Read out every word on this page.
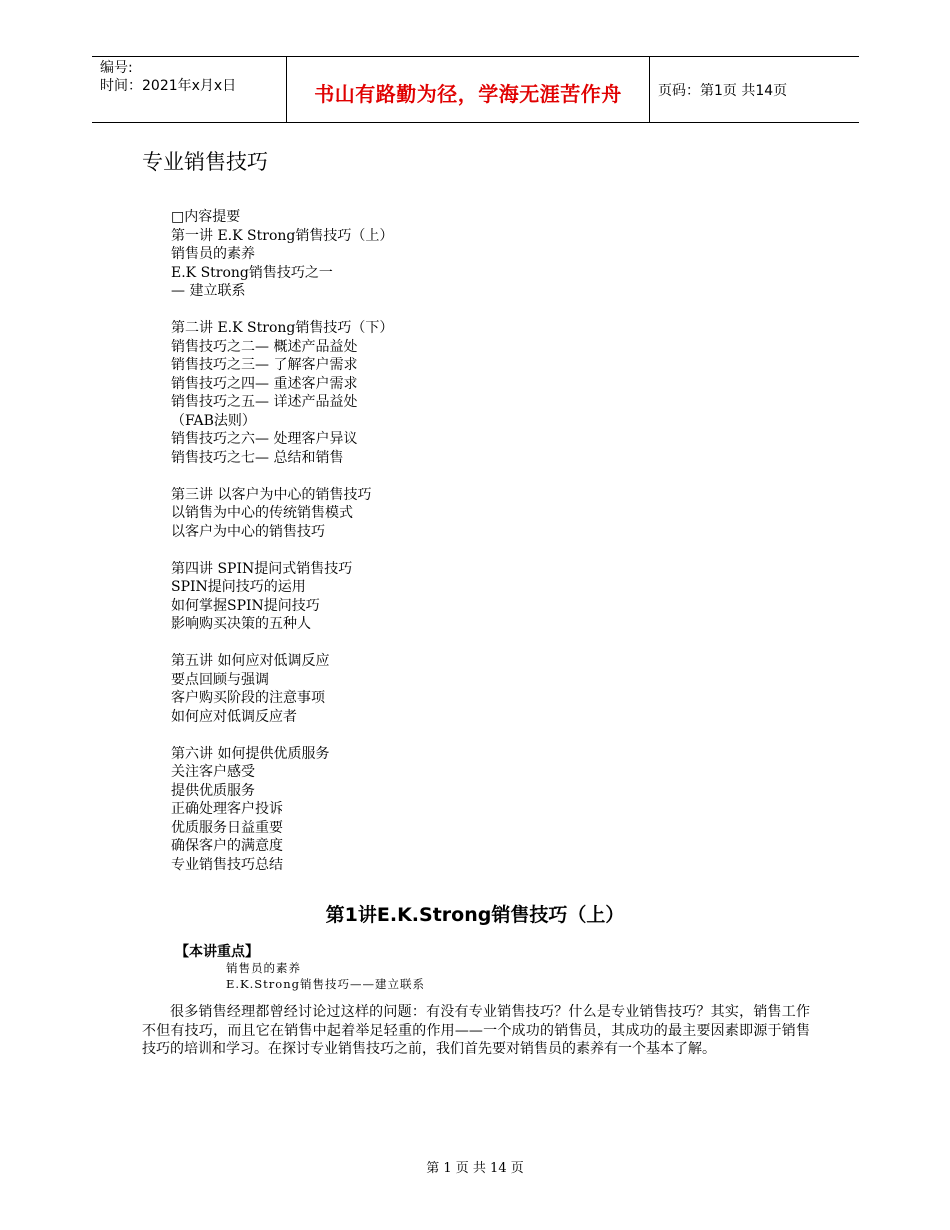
编号:
时间：2021年x月x日	书山有路勤为径，学海无涯苦作舟	页码：第1页 共14页
专业销售技巧
□内容提要
第一讲 E.K Strong销售技巧（上）
销售员的素养
E.K Strong销售技巧之一
— 建立联系
第二讲 E.K Strong销售技巧（下）
销售技巧之二— 概述产品益处
销售技巧之三— 了解客户需求
销售技巧之四— 重述客户需求
销售技巧之五— 详述产品益处
（FAB法则）
销售技巧之六— 处理客户异议
销售技巧之七— 总结和销售
第三讲 以客户为中心的销售技巧
以销售为中心的传统销售模式
以客户为中心的销售技巧
第四讲 SPIN提问式销售技巧
SPIN提问技巧的运用
如何掌握SPIN提问技巧
影响购买决策的五种人
第五讲 如何应对低调反应
要点回顾与强调
客户购买阶段的注意事项
如何应对低调反应者
第六讲 如何提供优质服务
关注客户感受
提供优质服务
正确处理客户投诉
优质服务日益重要
确保客户的满意度
专业销售技巧总结
第1讲E.K.Strong销售技巧（上）
【本讲重点】
销售员的素养
E.K.Strong销售技巧——建立联系
很多销售经理都曾经讨论过这样的问题：有没有专业销售技巧？什么是专业销售技巧？其实，销售工作不但有技巧，而且它在销售中起着举足轻重的作用——一个成功的销售员，其成功的最主要因素即源于销售技巧的培训和学习。在探讨专业销售技巧之前，我们首先要对销售员的素养有一个基本了解。
第 1 页 共 14 页
